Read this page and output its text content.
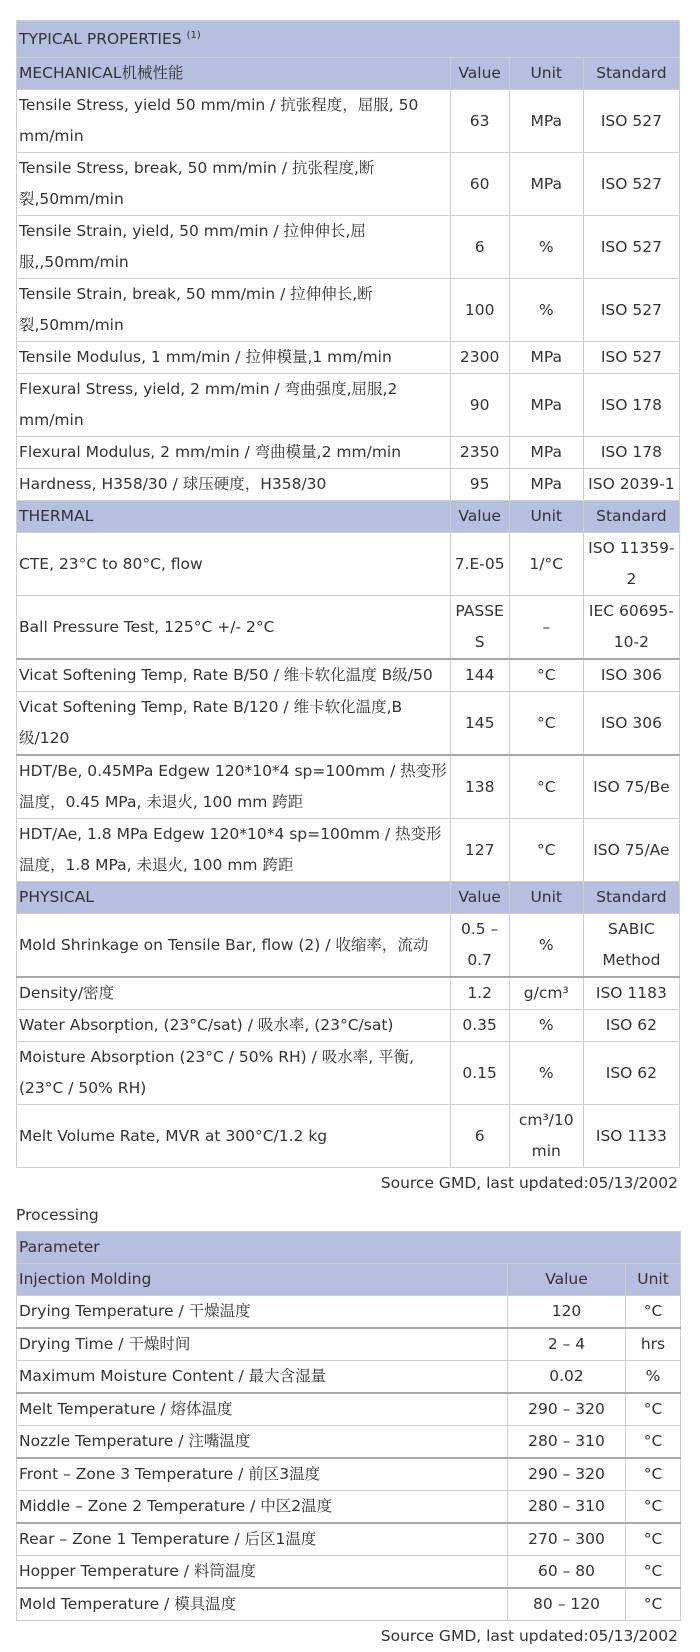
TYPICAL PROPERTIES $^{(1)}$
MECHANICAL机械性能	Value	Unit	Standard
Tensile Stress, yield 50 mm/min / 抗张程度，屈服, 50 mm/min	63	MPa	ISO 527
Tensile Stress, break, 50 mm/min / 抗张程度,断裂,50mm/min	60	MPa	ISO 527
Tensile Strain, yield, 50 mm/min / 拉伸伸长,屈服,,50mm/min	6	%	ISO 527
Tensile Strain, break, 50 mm/min / 拉伸伸长,断裂,50mm/min	100	%	ISO 527
Tensile Modulus, 1 mm/min / 拉伸模量,1 mm/min	2300	MPa	ISO 527
Flexural Stress, yield, 2 mm/min / 弯曲强度,屈服,2 mm/min	90	MPa	ISO 178
Flexural Modulus, 2 mm/min / 弯曲模量,2 mm/min	2350	MPa	ISO 178
Hardness, H358/30 / 球压硬度，H358/30	95	MPa	ISO 2039-1
THERMAL	Value	Unit	Standard
CTE, 23°C to 80°C, flow	7.E-05	1/°C	ISO 11359-2
Ball Pressure Test, 125°C +/- 2°C	PASSES	–	IEC 60695-10-2
Vicat Softening Temp, Rate B/50 / 维卡软化温度 B级/50	144	°C	ISO 306
Vicat Softening Temp, Rate B/120 / 维卡软化温度,B级/120	145	°C	ISO 306
HDT/Be, 0.45MPa Edgew 120*10*4 sp=100mm / 热变形温度，0.45 MPa, 未退火, 100 mm 跨距	138	°C	ISO 75/Be
HDT/Ae, 1.8 MPa Edgew 120*10*4 sp=100mm / 热变形温度，1.8 MPa, 未退火, 100 mm 跨距	127	°C	ISO 75/Ae
PHYSICAL	Value	Unit	Standard
Mold Shrinkage on Tensile Bar, flow (2) / 收缩率，流动	0.5 – 0.7	%	SABIC Method
Density/密度	1.2	g/cm³	ISO 1183
Water Absorption, (23°C/sat) / 吸水率, (23°C/sat)	0.35	%	ISO 62
Moisture Absorption (23°C / 50% RH) / 吸水率, 平衡,(23°C / 50% RH)	0.15	%	ISO 62
Melt Volume Rate, MVR at 300°C/1.2 kg	6	cm³/10 min	ISO 1133
Source GMD, last updated:05/13/2002
Processing
Parameter		
Injection Molding	Value	Unit
Drying Temperature / 干燥温度	120	°C
Drying Time / 干燥时间	2 – 4	hrs
Maximum Moisture Content / 最大含湿量	0.02	%
Melt Temperature / 熔体温度	290 – 320	°C
Nozzle Temperature / 注嘴温度	280 – 310	°C
Front – Zone 3 Temperature / 前区3温度	290 – 320	°C
Middle – Zone 2 Temperature / 中区2温度	280 – 310	°C
Rear – Zone 1 Temperature / 后区1温度	270 – 300	°C
Hopper Temperature / 料筒温度	60 – 80	°C
Mold Temperature / 模具温度	80 – 120	°C
Source GMD, last updated:05/13/2002
